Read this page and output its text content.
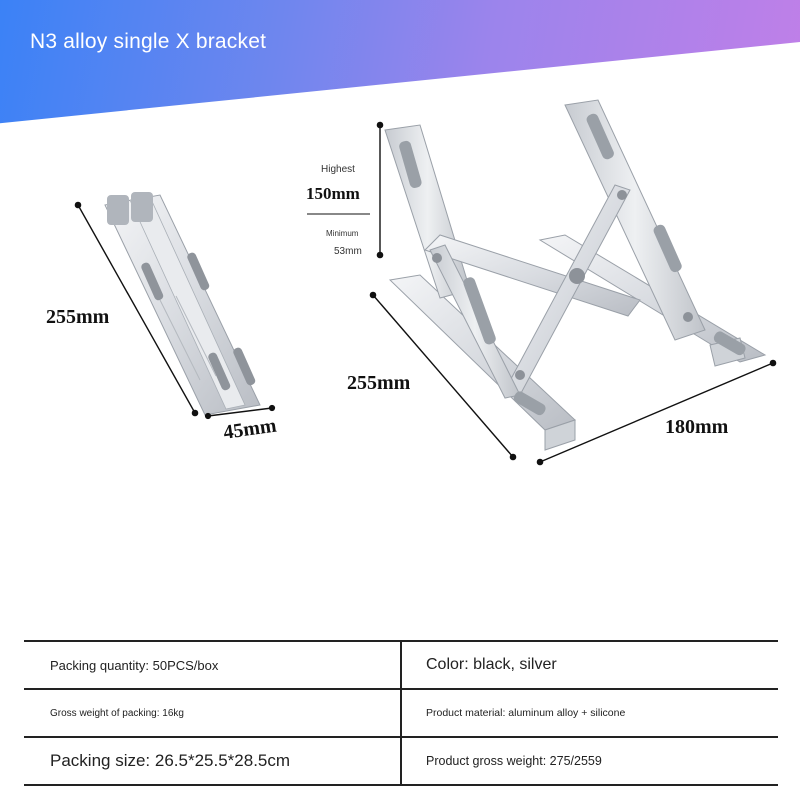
N3 alloy single X bracket
255mm
45mm
Highest
150mm
Minimum
53mm
255mm
180mm
Packing quantity: 50PCS/box	Color: black, silver
Gross weight of packing: 16kg	Product material: aluminum alloy + silicone
Packing size: 26.5*25.5*28.5cm	Product gross weight: 275/2559
